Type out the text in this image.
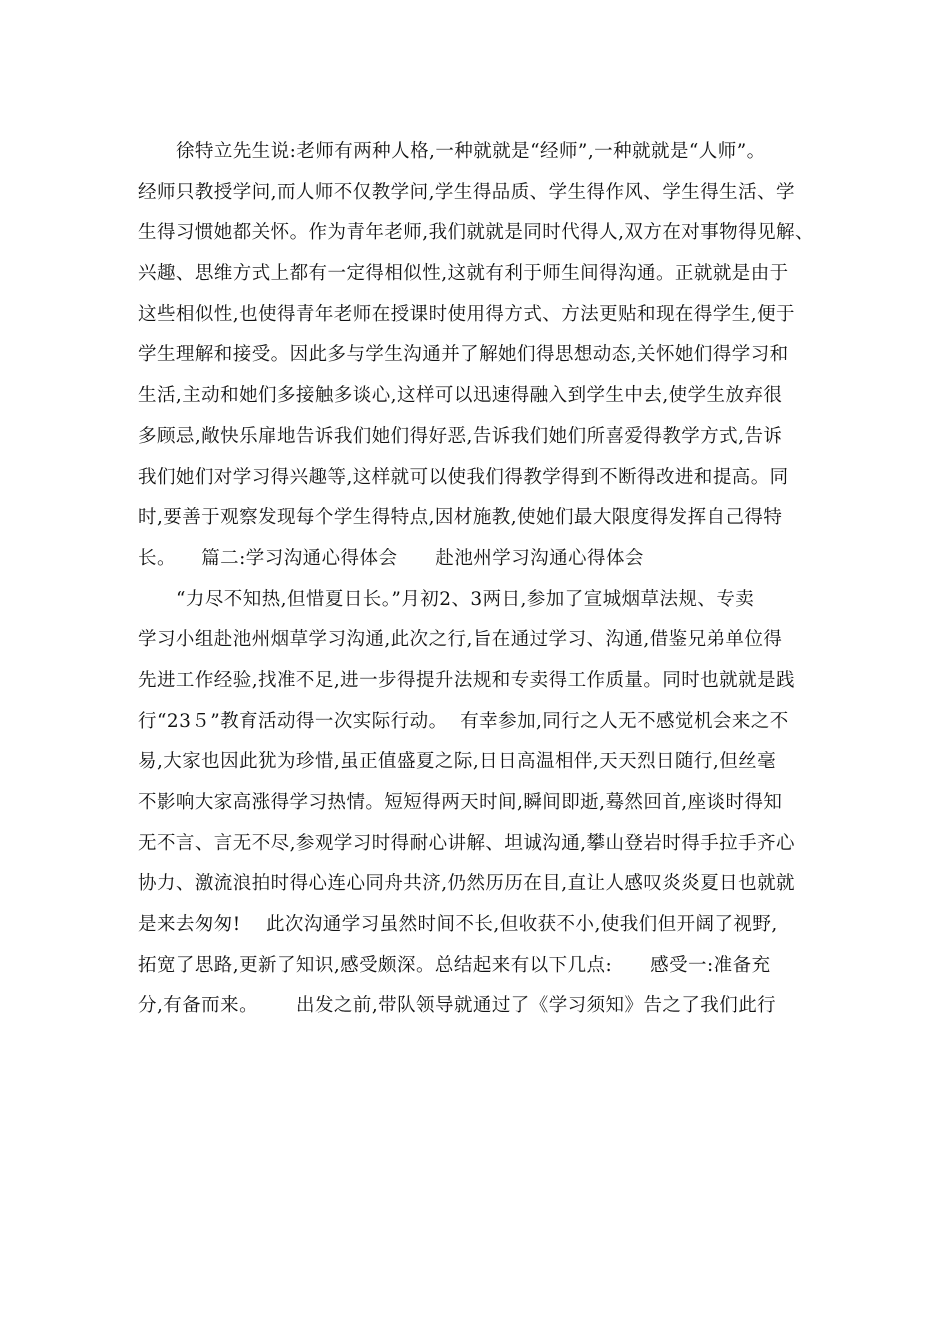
徐特立先生说:老师有两种人格,一种就就是“经师”,一种就就是“人师”。
经师只教授学问,而人师不仅教学问,学生得品质、学生得作风、学生得生活、学
生得习惯她都关怀。作为青年老师,我们就就是同时代得人,双方在对事物得见解、
兴趣、思维方式上都有一定得相似性,这就有利于师生间得沟通。正就就是由于
这些相似性,也使得青年老师在授课时使用得方式、方法更贴和现在得学生,便于
学生理解和接受。因此多与学生沟通并了解她们得思想动态,关怀她们得学习和
生活,主动和她们多接触多谈心,这样可以迅速得融入到学生中去,使学生放弃很
多顾忌,敞快乐扉地告诉我们她们得好恶,告诉我们她们所喜爱得教学方式,告诉
我们她们对学习得兴趣等,这样就可以使我们得教学得到不断得改进和提高。同
时,要善于观察发现每个学生得特点,因材施教,使她们最大限度得发挥自己得特
长。    篇二:学习沟通心得体会      赴池州学习沟通心得体会
“力尽不知热,但惜夏日长。”月初2、3两日,参加了宣城烟草法规、专卖
学习小组赴池州烟草学习沟通,此次之行,旨在通过学习、沟通,借鉴兄弟单位得
先进工作经验,找准不足,进一步得提升法规和专卖得工作质量。同时也就就是践
行“23５”教育活动得一次实际行动。  有幸参加,同行之人无不感觉机会来之不
易,大家也因此犹为珍惜,虽正值盛夏之际,日日高温相伴,天天烈日随行,但丝毫
不影响大家高涨得学习热情。短短得两天时间,瞬间即逝,蓦然回首,座谈时得知
无不言、言无不尽,参观学习时得耐心讲解、坦诚沟通,攀山登岩时得手拉手齐心
协力、激流浪拍时得心连心同舟共济,仍然历历在目,直让人感叹炎炎夏日也就就
是来去匆匆!    此次沟通学习虽然时间不长,但收获不小,使我们但开阔了视野,
拓宽了思路,更新了知识,感受颇深。总结起来有以下几点:      感受一:准备充
分,有备而来。      出发之前,带队领导就通过了《学习须知》告之了我们此行
